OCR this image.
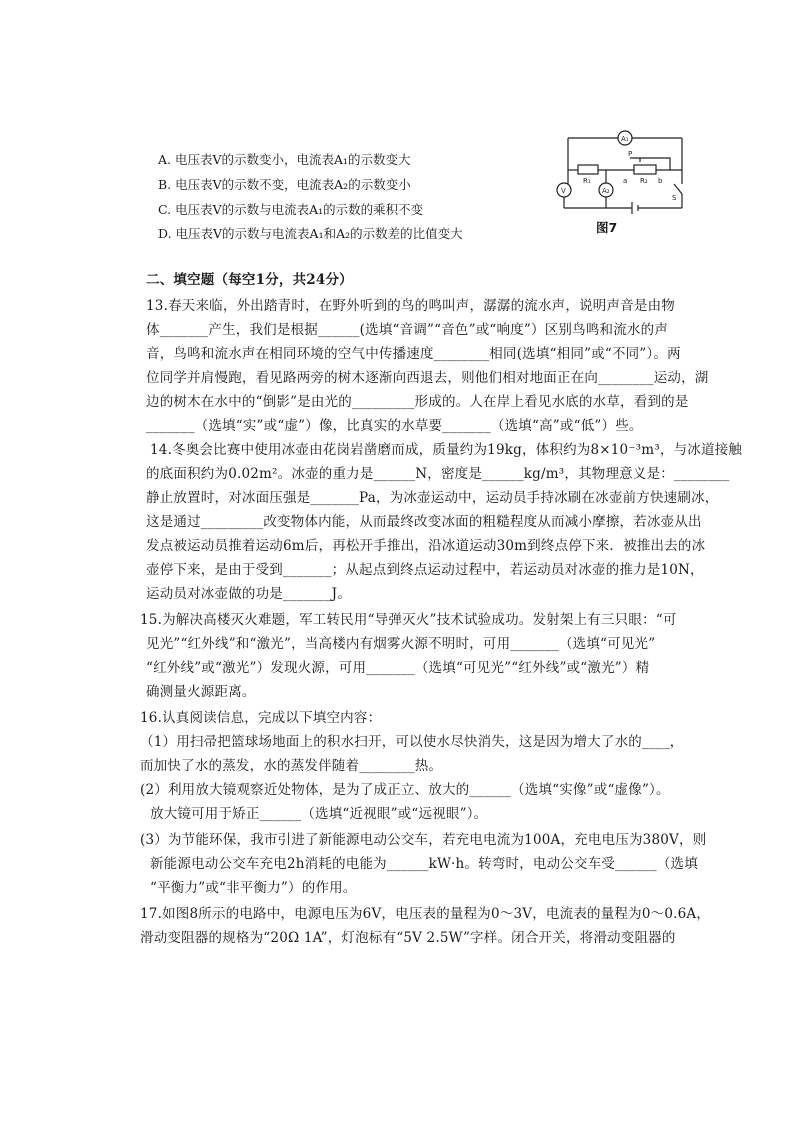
A. 电压表V的示数变小，电流表A₁的示数变大
B. 电压表V的示数不变，电流表A₂的示数变小
C. 电压表V的示数与电流表A₁的示数的乘积不变
D. 电压表V的示数与电流表A₁和A₂的示数差的比值变大
A₁
A₂
V
R₁	R₂
P
a	b
S
图7
二、填空题（每空1分，共24分）
13.春天来临，外出踏青时，在野外听到的鸟的鸣叫声，潺潺的流水声，说明声音是由物
体_______产生，我们是根据______(选填“音调”“音色”或“响度”）区别鸟鸣和流水的声
音，鸟鸣和流水声在相同环境的空气中传播速度________相同(选填“相同”或“不同”）。两
位同学并肩慢跑，看见路两旁的树木逐渐向西退去，则他们相对地面正在向________运动，湖
边的树木在水中的“倒影”是由光的_________形成的。人在岸上看见水底的水草，看到的是
_______（选填“实”或“虚”）像，比真实的水草要_______（选填“高”或“低”）些。
14.冬奥会比赛中使用冰壶由花岗岩凿磨而成，质量约为19kg，体积约为8×10⁻³m³，与冰道接触
的底面积约为0.02m²。冰壶的重力是______N，密度是______kg/m³，其物理意义是：________
静止放置时，对冰面压强是_______Pa，为冰壶运动中，运动员手持冰刷在冰壶前方快速刷冰，
这是通过_________改变物体内能，从而最终改变冰面的粗糙程度从而减小摩擦，若冰壶从出
发点被运动员推着运动6m后，再松开手推出，沿冰道运动30m到终点停下来．被推出去的冰
壶停下来，是由于受到_______；从起点到终点运动过程中，若运动员对冰壶的推力是10N，
运动员对冰壶做的功是_______J。
15.为解决高楼灭火难题，军工转民用“导弹灭火”技术试验成功。发射架上有三只眼：“可
见光”“红外线”和“激光”，当高楼内有烟雾火源不明时，可用_______（选填“可见光”
“红外线”或“激光”）发现火源，可用_______（选填“可见光”“红外线”或“激光”）精
确测量火源距离。
16.认真阅读信息，完成以下填空内容：
（1）用扫帚把篮球场地面上的积水扫开，可以使水尽快消失，这是因为增大了水的____，
而加快了水的蒸发，水的蒸发伴随着________热。
(2）利用放大镜观察近处物体，是为了成正立、放大的______（选填“实像”或“虚像”）。
放大镜可用于矫正______（选填“近视眼”或“远视眼”）。
(3）为节能环保，我市引进了新能源电动公交车，若充电电流为100A，充电电压为380V，则
新能源电动公交车充电2h消耗的电能为______kW·h。转弯时，电动公交车受______（选填
“平衡力”或“非平衡力”）的作用。
17.如图8所示的电路中，电源电压为6V，电压表的量程为0～3V，电流表的量程为0～0.6A，
滑动变阻器的规格为“20Ω 1A”，灯泡标有“5V 2.5W”字样。闭合开关，将滑动变阻器的
